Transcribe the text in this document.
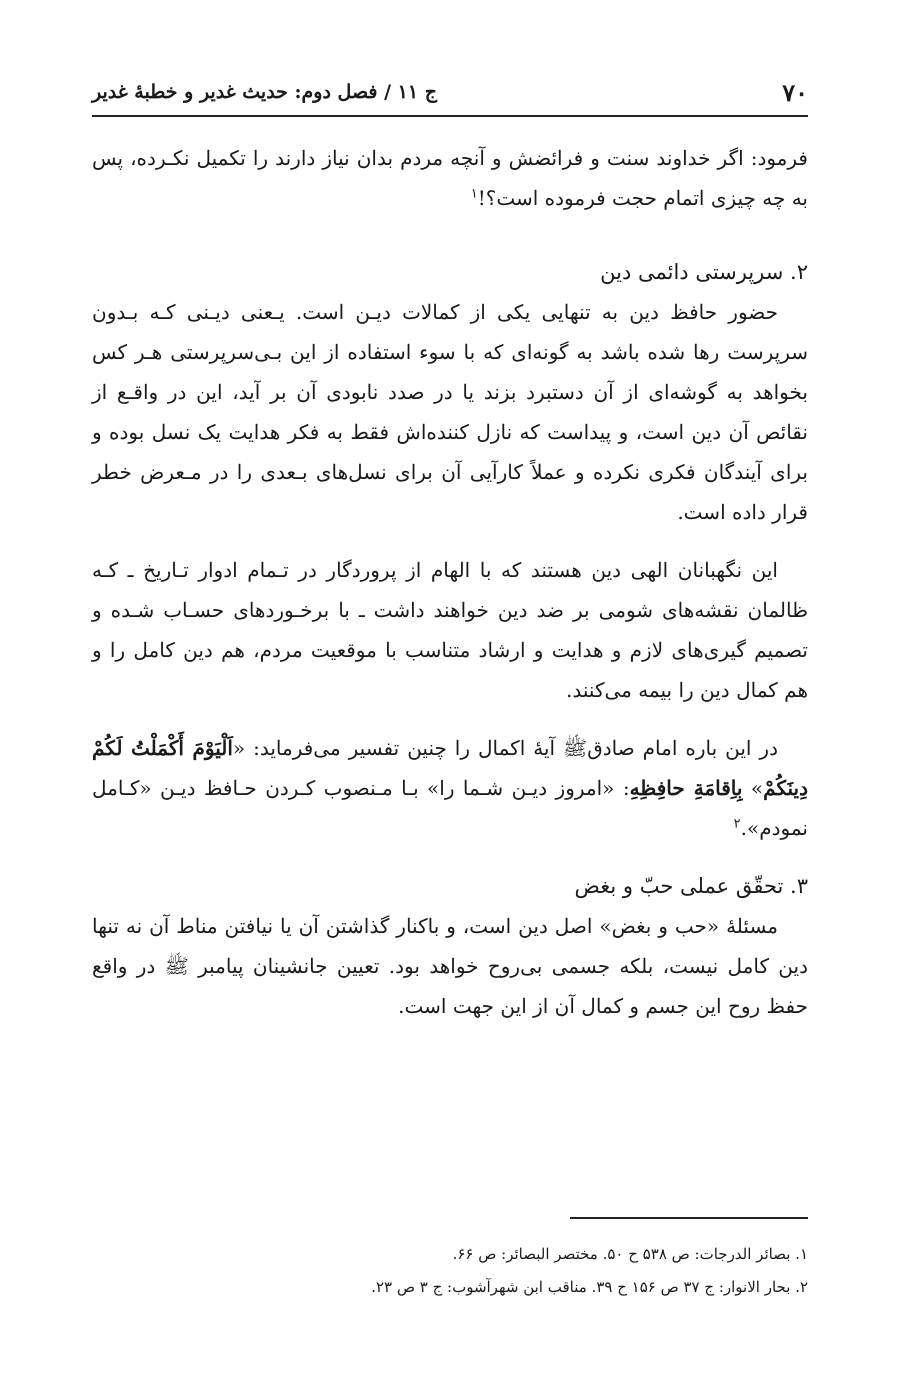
۷۰
ج ۱۱ / فصل دوم: حدیث غدیر و خطبهٔ غدیر

فرمود: اگر خداوند سنت و فرائضش و آنچه مردم بدان نیاز دارند را تکمیل نکـرده، پس به چه چیزی اتمام حجت فرموده است؟!$^۱$

۲. سرپرستی دائمی دین

حضور حافظ دین به تنهایی یکی از کمالات دیـن است. یـعنی دیـنی کـه بـدون سرپرست رها شده باشد به گونه‌ای که با سوء استفاده از این بـی‌سرپرستی هـر کس بخواهد به گوشه‌ای از آن دستبرد بزند یا در صدد نابودی آن بر آید، این در واقـع از نقائص آن دین است، و پیداست که نازل کننده‌اش فقط به فکر هدایت یک نسل بوده و برای آیندگان فکری نکرده و عملاً کارآیی آن برای نسل‌های بـعدی را در مـعرض خطر قرار داده است.

این نگهبانان الهی دین هستند که با الهام از پروردگار در تـمام ادوار تـاریخ ـ کـه ظالمان نقشه‌های شومی بر ضد دین خواهند داشت ـ با برخـوردهای حسـاب شـده و تصمیم گیری‌های لازم و هدایت و ارشاد متناسب با موقعیت مردم، هم دین کامل را و هم کمال دین را بیمه می‌کنند.

در این باره امام صادقﷺ آیهٔ اکمال را چنین تفسیر می‌فرماید: «اَلْیَوْمَ أَکْمَلْتُ لَکُمْ دِینَکُمْ» بِاِقامَةِ حافِظِهِ: «امروز دیـن شـما را» بـا مـنصوب کـردن حـافظ دیـن «کـامل نمودم».$^۲$

۳. تحقّق عملی حبّ و بغض

مسئلهٔ «حب و بغض» اصل دین است، و باکنار گذاشتن آن یا نیافتن مناط آن نه تنها دین کامل نیست، بلکه جسمی بی‌روح خواهد بود. تعیین جانشینان پیامبر ﷺ در واقع حفظ روح این جسم و کمال آن از این جهت است.

۱. بصائر الدرجات: ص ۵۳۸ ح ۵۰. مختصر البصائر: ص ۶۶.
۲. بحار الانوار: ج ۳۷ ص ۱۵۶ ح ۳۹. مناقب ابن شهرآشوب: ج ۳ ص ۲۳.
